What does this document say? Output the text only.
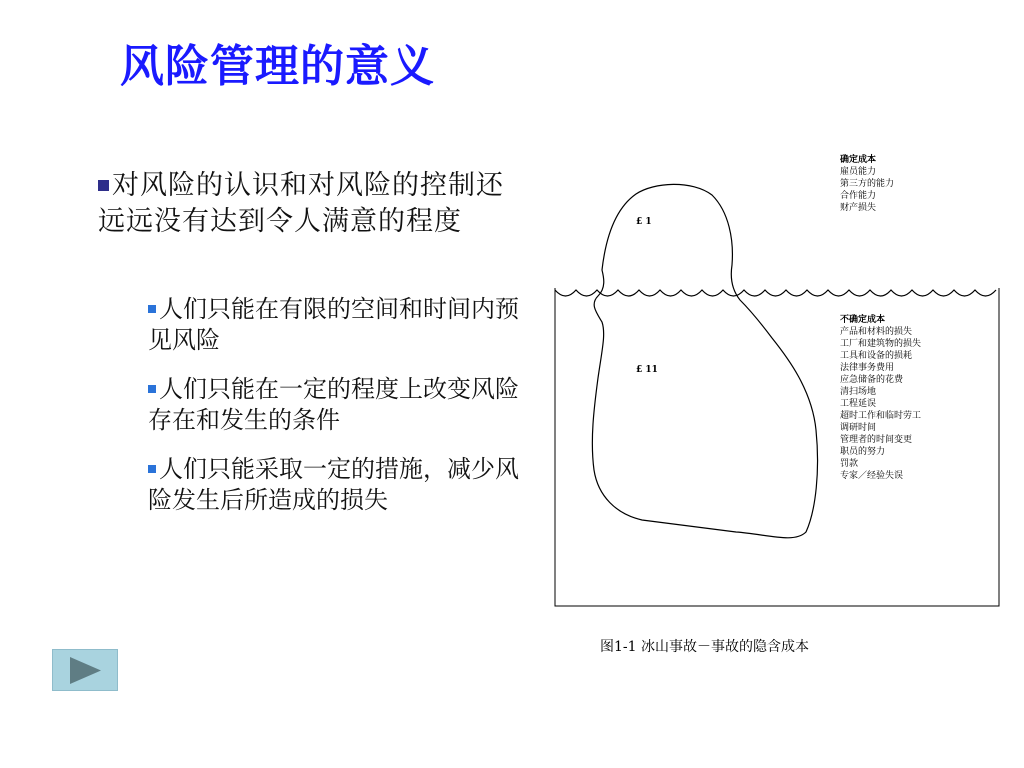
风险管理的意义
对风险的认识和对风险的控制还远远没有达到令人满意的程度
人们只能在有限的空间和时间内预见风险
人们只能在一定的程度上改变风险存在和发生的条件
人们只能采取一定的措施，减少风险发生后所造成的损失
£ 1
£ 11
确定成本
雇员能力
第三方的能力
合作能力
财产损失
不确定成本
产品和材料的损失
工厂和建筑物的损失
工具和设备的损耗
法律事务费用
应急储备的花费
清扫场地
工程延误
超时工作和临时劳工
调研时间
管理者的时间变更
职员的努力
罚款
专家／经验失误
图1-1 冰山事故－事故的隐含成本
